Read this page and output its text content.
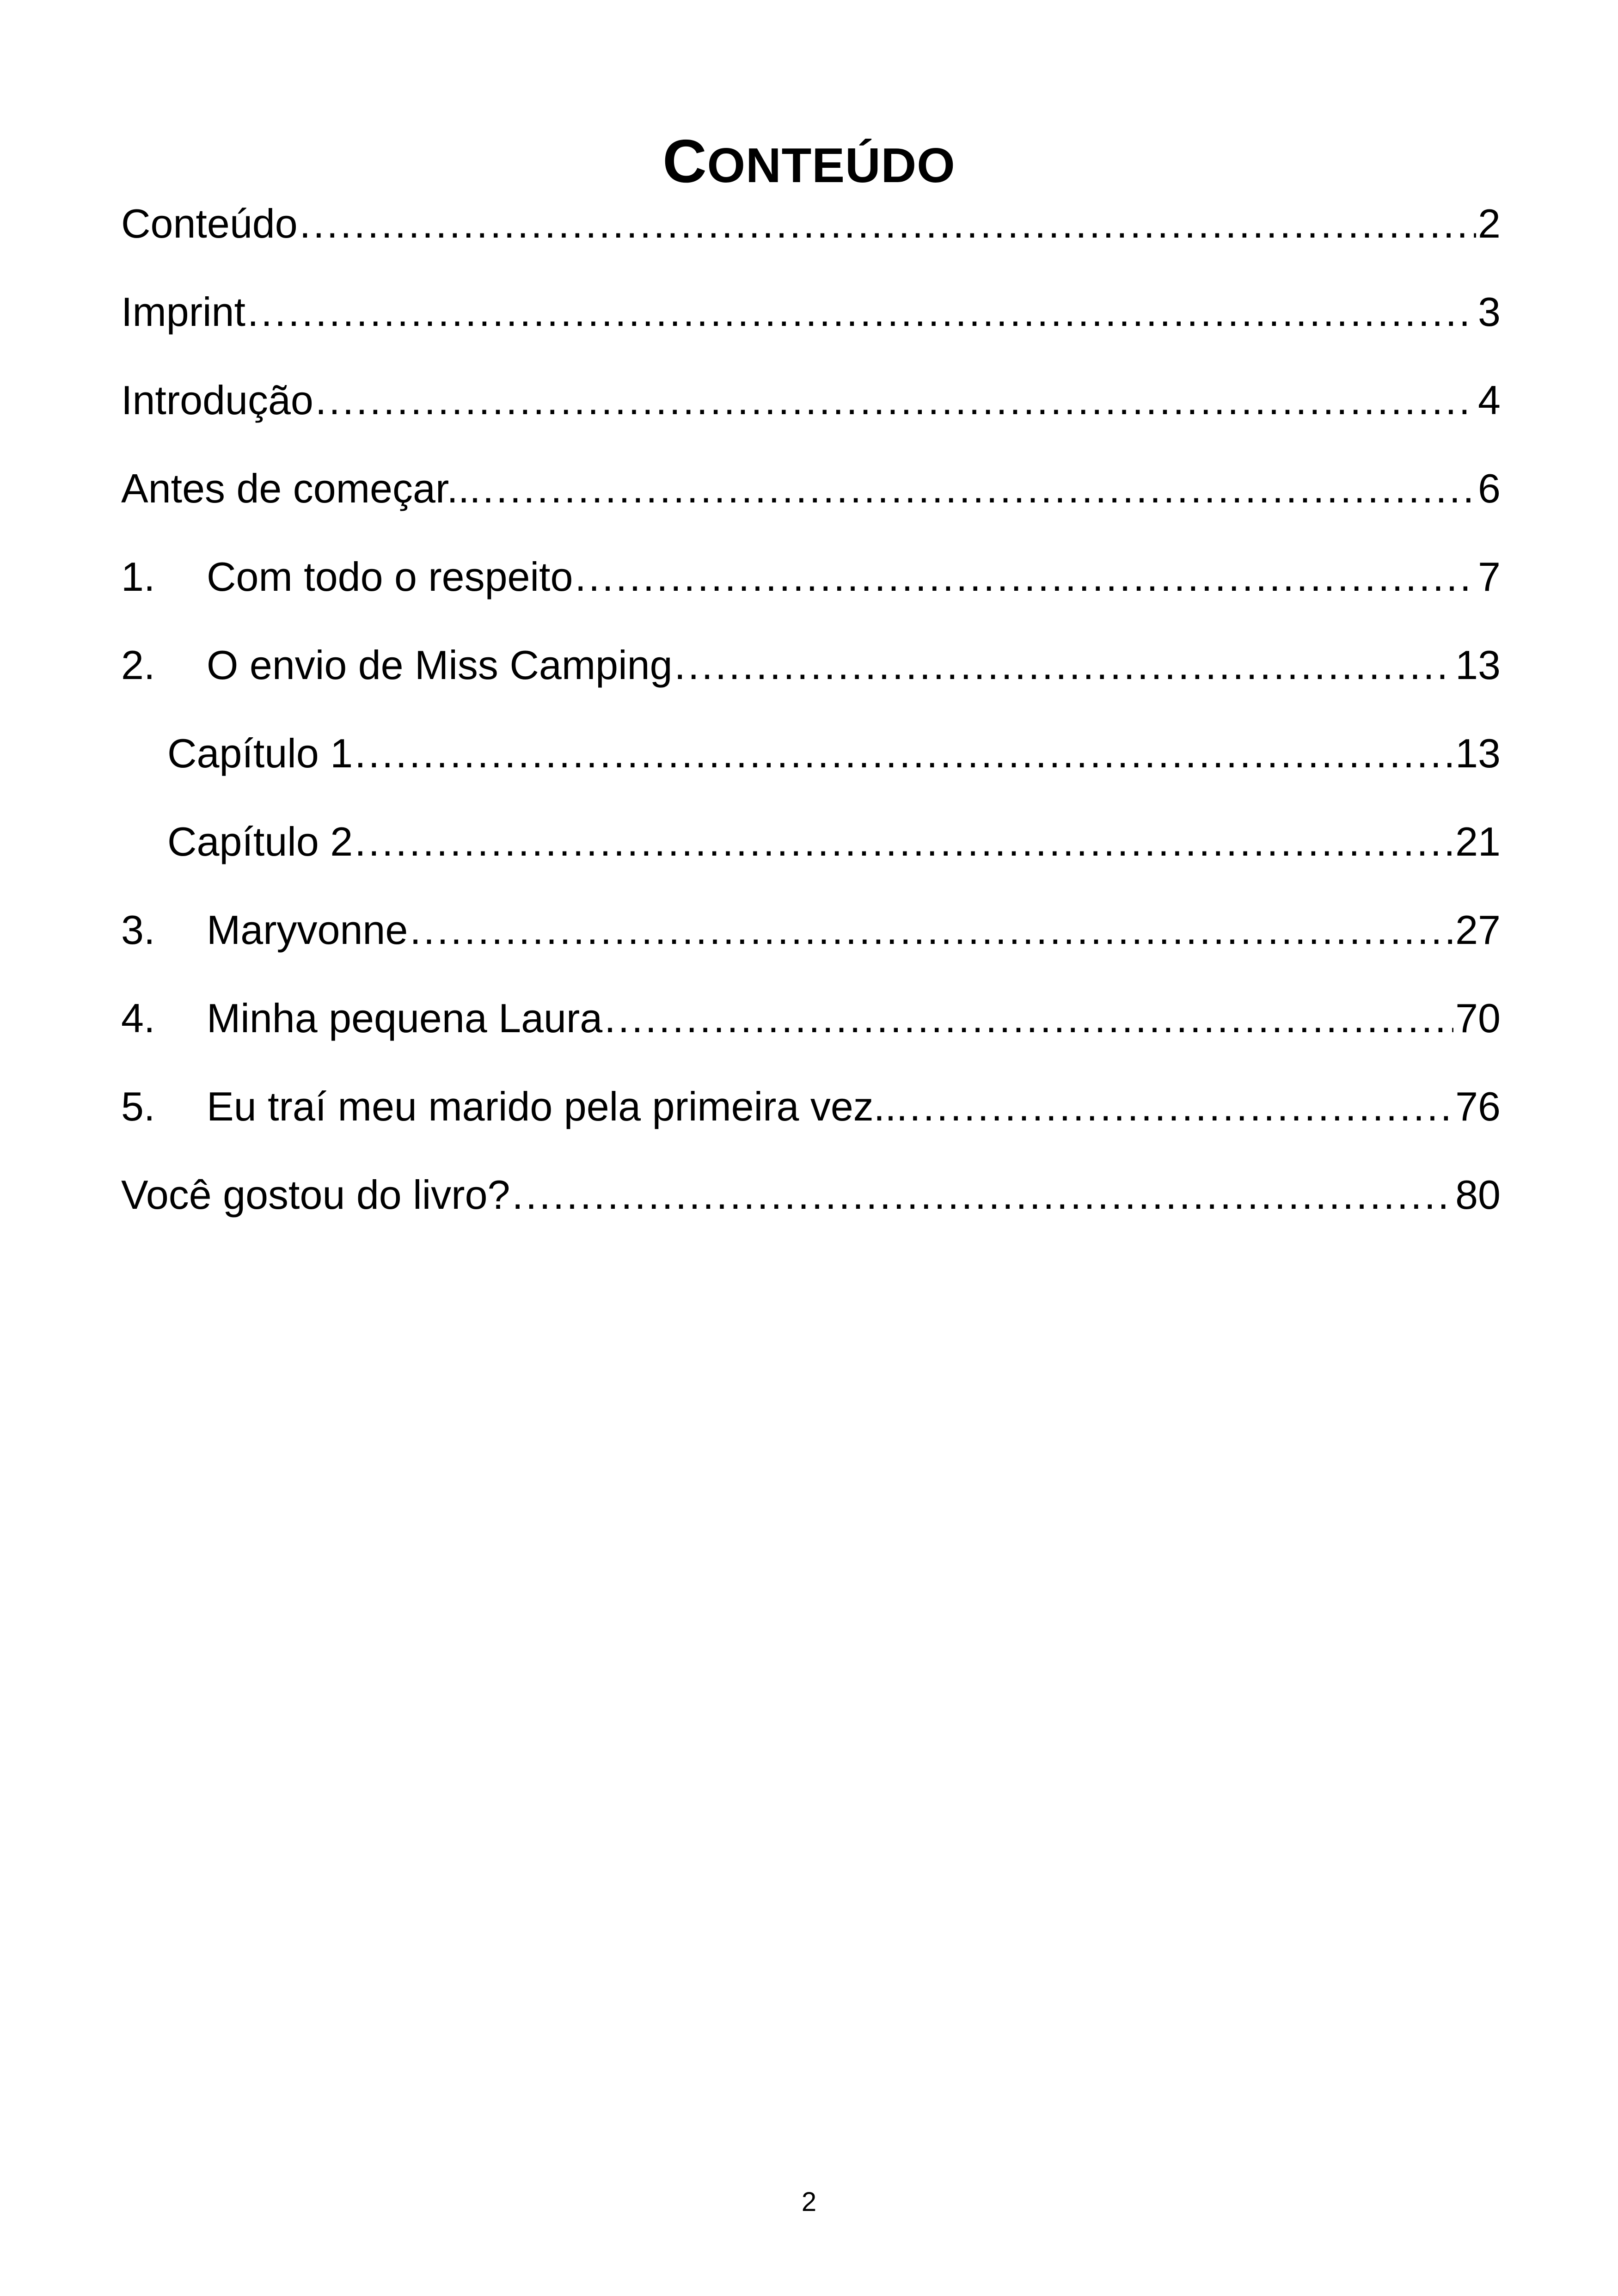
CONTEÚDO
Conteúdo .....	2
Imprint .....	3
Introdução .....	4
Antes de começar... .....	6
1.	Com todo o respeito .....	7
2.	O envio de Miss Camping .....	13
Capítulo 1 .....	13
Capítulo 2 .....	21
3.	Maryvonne .....	27
4.	Minha pequena Laura .....	70
5.	Eu traí meu marido pela primeira vez... .....	76
Você gostou do livro? .....	80
2
